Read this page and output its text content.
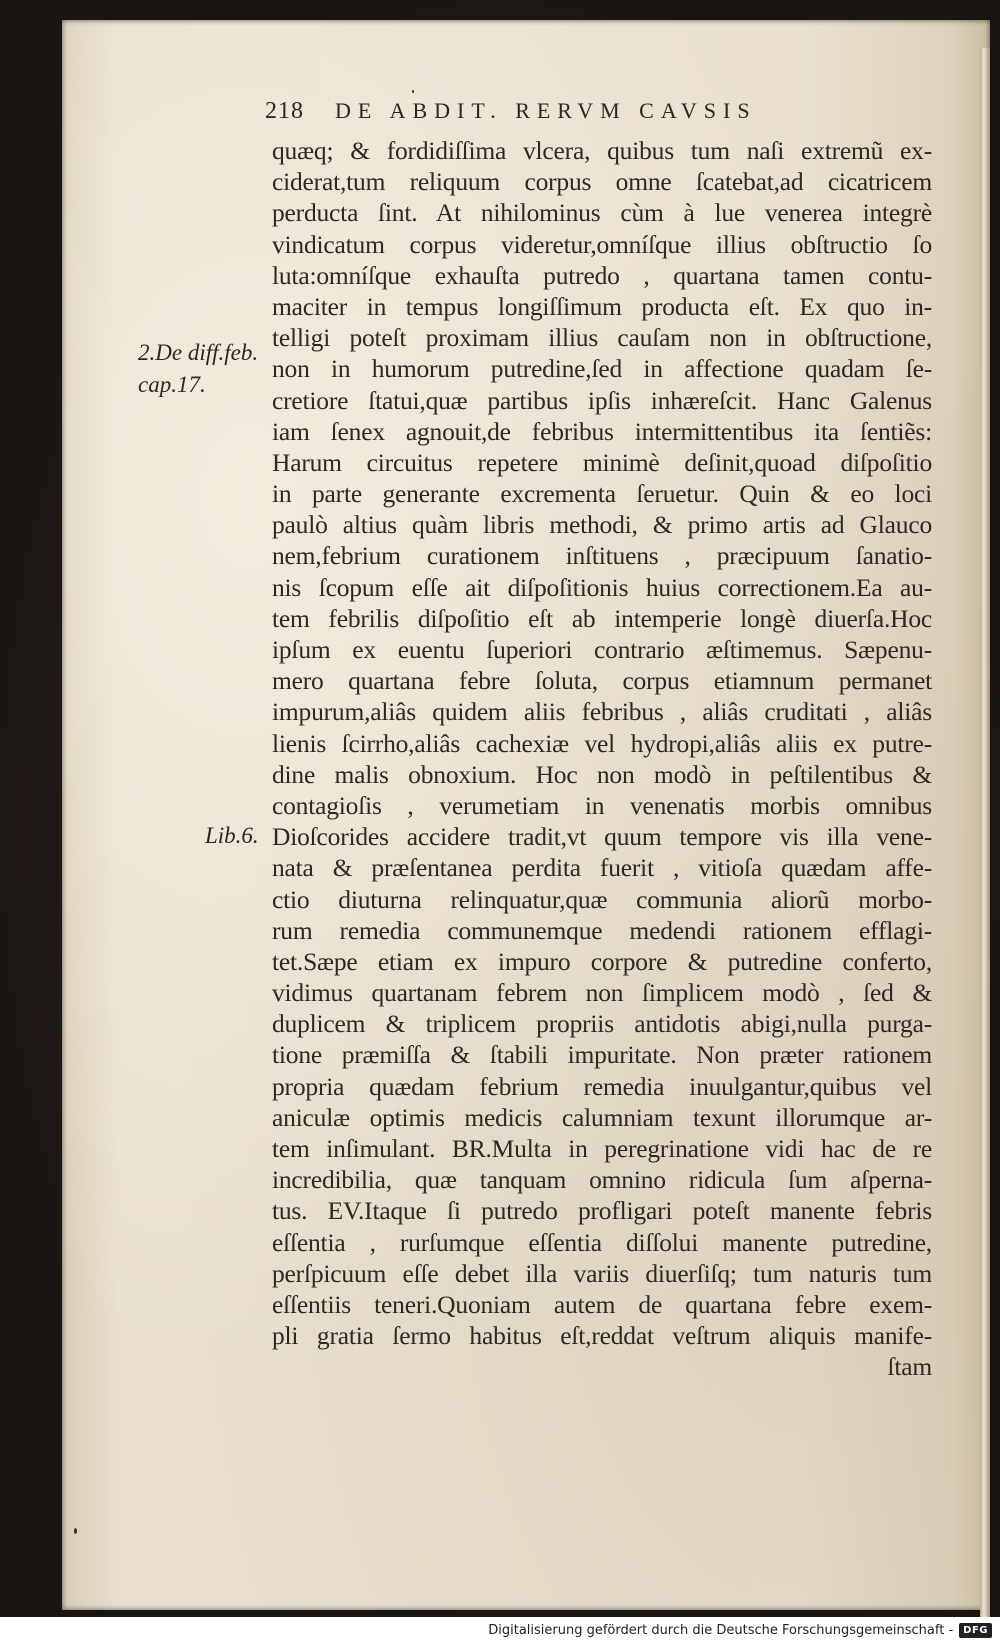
218	DE ABDIT. RERVM CAVSIS
2.De diff.feb.
cap.17.
Lib.6.
quæq; & fordidiſſima vlcera, quibus tum naſi extremũ ex-
ciderat,tum reliquum corpus omne ſcatebat,ad cicatricem
perducta ſint. At nihilominus cùm à lue venerea integrè
vindicatum corpus videretur,omníſque illius obſtructio ſo
luta:omníſque exhauſta putredo , quartana tamen contu-
maciter in tempus longiſſimum producta eſt. Ex quo in-
telligi poteſt proximam illius cauſam non in obſtructione,
non in humorum putredine,ſed in affectione quadam ſe-
cretiore ſtatui,quæ partibus ipſis inhæreſcit. Hanc Galenus
iam ſenex agnouit,de febribus intermittentibus ita ſentiẽs:
Harum circuitus repetere minimè deſinit,quoad diſpoſitio
in parte generante excrementa ſeruetur. Quin & eo loci
paulò altius quàm libris methodi, & primo artis ad Glauco
nem,febrium curationem inſtituens , præcipuum ſanatio-
nis ſcopum eſſe ait diſpoſitionis huius correctionem.Ea au-
tem febrilis diſpoſitio eſt ab intemperie longè diuerſa.Hoc
ipſum ex euentu ſuperiori contrario æſtimemus. Sæpenu-
mero quartana febre ſoluta, corpus etiamnum permanet
impurum,aliâs quidem aliis febribus , aliâs cruditati , aliâs
lienis ſcirrho,aliâs cachexiæ vel hydropi,aliâs aliis ex putre-
dine malis obnoxium. Hoc non modò in peſtilentibus &
contagioſis , verumetiam in venenatis morbis omnibus
Dioſcorides accidere tradit,vt quum tempore vis illa vene-
nata & præſentanea perdita fuerit , vitioſa quædam affe-
ctio diuturna relinquatur,quæ communia aliorũ morbo-
rum remedia communemque medendi rationem efflagi-
tet.Sæpe etiam ex impuro corpore & putredine conferto,
vidimus quartanam febrem non ſimplicem modò , ſed &
duplicem & triplicem propriis antidotis abigi,nulla purga-
tione præmiſſa & ſtabili impuritate. Non præter rationem
propria quædam febrium remedia inuulgantur,quibus vel
aniculæ optimis medicis calumniam texunt illorumque ar-
tem inſimulant. BR.Multa in peregrinatione vidi hac de re
incredibilia, quæ tanquam omnino ridicula ſum aſperna-
tus. EV.Itaque ſi putredo profligari poteſt manente febris
eſſentia , rurſumque eſſentia diſſolui manente putredine,
perſpicuum eſſe debet illa variis diuerſiſq; tum naturis tum
eſſentiis teneri.Quoniam autem de quartana febre exem-
pli gratia ſermo habitus eſt,reddat veſtrum aliquis manife-
ſtam
Digitalisierung gefördert durch die Deutsche Forschungsgemeinschaft -	DFG
